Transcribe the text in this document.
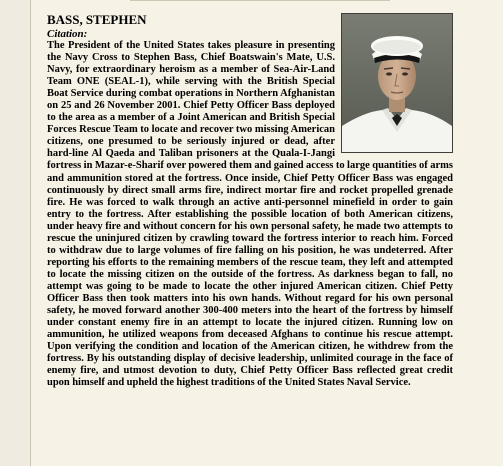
BASS, STEPHEN

Citation:

The President of the United States takes pleasure in presenting the Navy Cross to Stephen Bass, Chief Boatswain's Mate, U.S. Navy, for extraordinary heroism as a member of Sea-Air-Land Team ONE (SEAL-1), while serving with the British Special Boat Service during combat operations in Northern Afghanistan on 25 and 26 November 2001. Chief Petty Officer Bass deployed to the area as a member of a Joint American and British Special Forces Rescue Team to locate and recover two missing American citizens, one presumed to be seriously injured or dead, after hard-line Al Qaeda and Taliban prisoners at the Quala-I-Jangi fortress in Mazar-e-Sharif over powered them and gained access to large quantities of arms and ammunition stored at the fortress. Once inside, Chief Petty Officer Bass was engaged continuously by direct small arms fire, indirect mortar fire and rocket propelled grenade fire. He was forced to walk through an active anti-personnel minefield in order to gain entry to the fortress. After establishing the possible location of both American citizens, under heavy fire and without concern for his own personal safety, he made two attempts to rescue the uninjured citizen by crawling toward the fortress interior to reach him. Forced to withdraw due to large volumes of fire falling on his position, he was undeterred. After reporting his efforts to the remaining members of the rescue team, they left and attempted to locate the missing citizen on the outside of the fortress. As darkness began to fall, no attempt was going to be made to locate the other injured American citizen. Chief Petty Officer Bass then took matters into his own hands. Without regard for his own personal safety, he moved forward another 300-400 meters into the heart of the fortress by himself under constant enemy fire in an attempt to locate the injured citizen. Running low on ammunition, he utilized weapons from deceased Afghans to continue his rescue attempt. Upon verifying the condition and location of the American citizen, he withdrew from the fortress. By his outstanding display of decisive leadership, unlimited courage in the face of enemy fire, and utmost devotion to duty, Chief Petty Officer Bass reflected great credit upon himself and upheld the highest traditions of the United States Naval Service.
